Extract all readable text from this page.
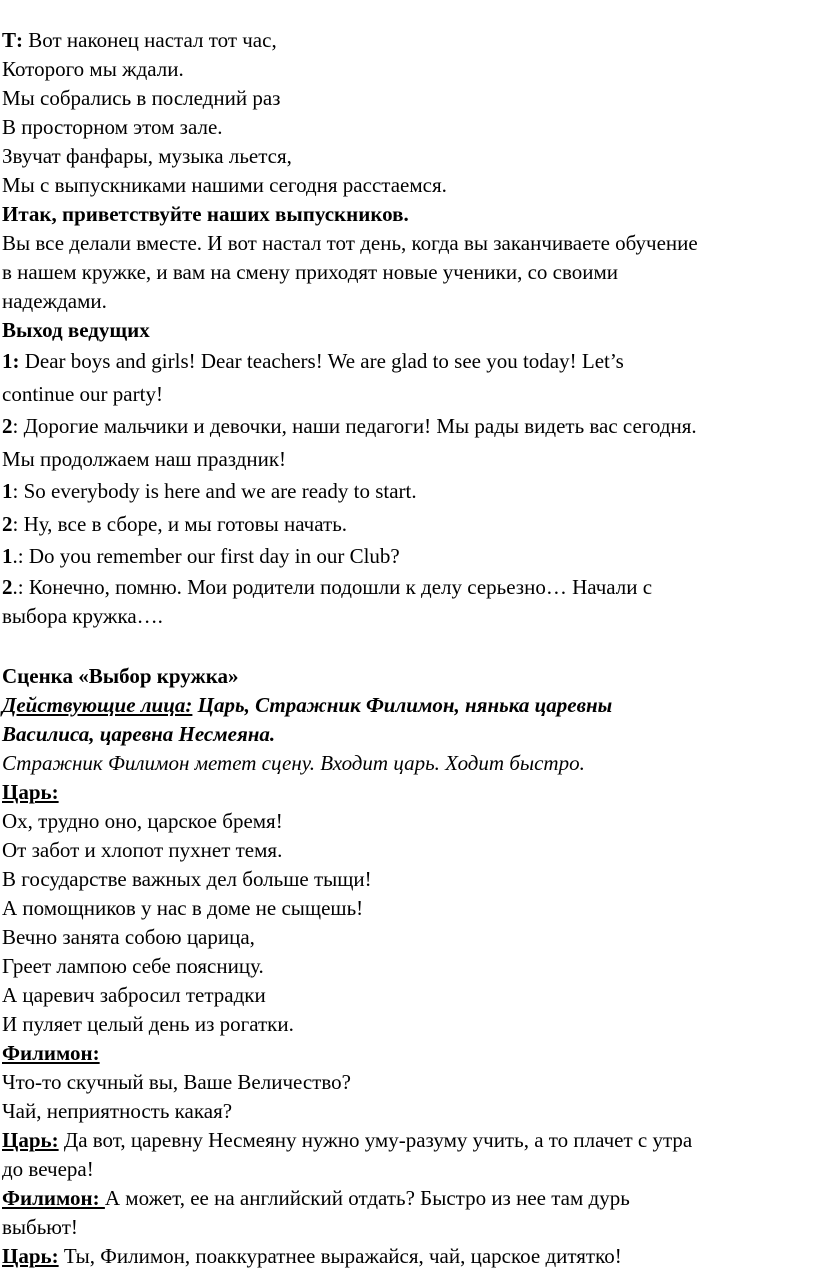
Т: Вот наконец настал тот час,
Которого мы ждали.
Мы собрались в последний раз
В просторном этом зале.
Звучат фанфары, музыка льется,
Мы с выпускниками нашими сегодня расстаемся.
Итак, приветствуйте наших выпускников.
Вы все делали вместе. И вот настал тот день, когда вы заканчиваете обучение
в нашем кружке, и вам на смену приходят новые ученики, со своими
надеждами.
Выход ведущих
1: Dear boys and girls! Dear teachers! We are glad to see you today! Let’s
continue our party!
2: Дорогие мальчики и девочки, наши педагоги! Мы рады видеть вас сегодня.
Мы продолжаем наш праздник!
1: So everybody is here and we are ready to start.
2: Ну, все в сборе, и мы готовы начать.
1.: Do you remember our first day in our Club?
2.: Конечно, помню. Мои родители подошли к делу серьезно… Начали с
выбора кружка….
Сценка «Выбор кружка»
Действующие лица: Царь, Стражник Филимон, нянька царевны
Василиса, царевна Несмеяна.
Стражник Филимон метет сцену. Входит царь. Ходит быстро.
Царь:
Ох, трудно оно, царское бремя!
От забот и хлопот пухнет темя.
В государстве важных дел больше тыщи!
А помощников у нас в доме не сыщешь!
Вечно занята собою царица,
Греет лампою себе поясницу.
А царевич забросил тетрадки
И пуляет целый день из рогатки.
Филимон:
Что-то скучный вы, Ваше Величество?
Чай, неприятность какая?
Царь: Да вот, царевну Несмеяну нужно уму-разуму учить, а то плачет с утра
до вечера!
Филимон: А может, ее на английский отдать? Быстро из нее там дурь
выбьют!
Царь: Ты, Филимон, поаккуратнее выражайся, чай, царское дитятко!
